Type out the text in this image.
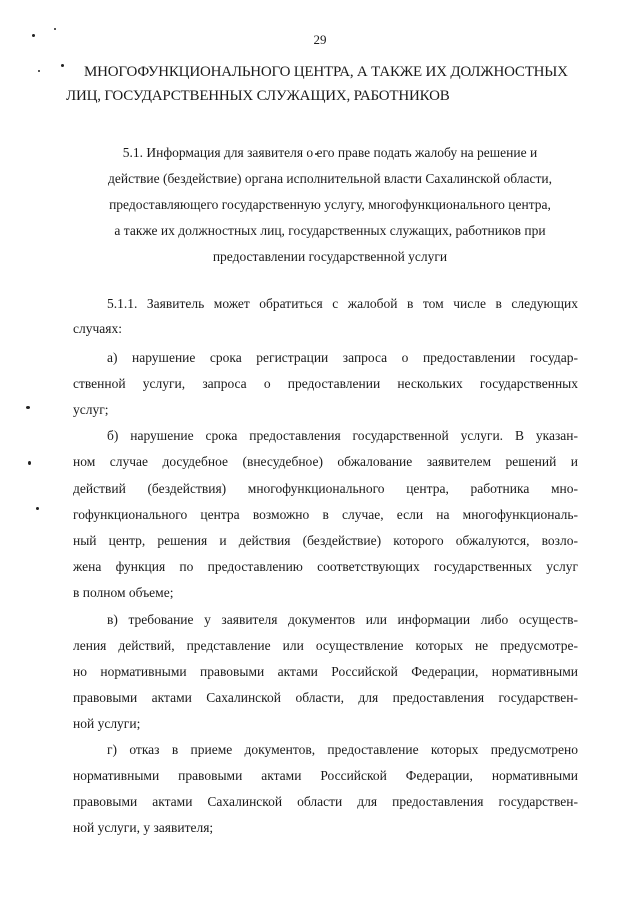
29
МНОГОФУНКЦИОНАЛЬНОГО ЦЕНТРА, А ТАКЖЕ ИХ ДОЛЖНОСТНЫХ
ЛИЦ, ГОСУДАРСТВЕННЫХ СЛУЖАЩИХ, РАБОТНИКОВ
5.1. Информация для заявителя о его праве подать жалобу на решение и
действие (бездействие) органа исполнительной власти Сахалинской области,
предоставляющего государственную услугу, многофункционального центра,
а также их должностных лиц, государственных служащих, работников при
предоставлении государственной услуги
5.1.1. Заявитель может обратиться с жалобой в том числе в следующих
случаях:
а) нарушение срока регистрации запроса о предоставлении государ-
ственной услуги, запроса о предоставлении нескольких государственных
услуг;
б) нарушение срока предоставления государственной услуги. В указан-
ном случае досудебное (внесудебное) обжалование заявителем решений и
действий (бездействия) многофункционального центра, работника мно-
гофункционального центра возможно в случае, если на многофункциональ-
ный центр, решения и действия (бездействие) которого обжалуются, возло-
жена функция по предоставлению соответствующих государственных услуг
в полном объеме;
в) требование у заявителя документов или информации либо осуществ-
ления действий, представление или осуществление которых не предусмотре-
но нормативными правовыми актами Российской Федерации, нормативными
правовыми актами Сахалинской области, для предоставления государствен-
ной услуги;
г) отказ в приеме документов, предоставление которых предусмотрено
нормативными правовыми актами Российской Федерации, нормативными
правовыми актами Сахалинской области для предоставления государствен-
ной услуги, у заявителя;
